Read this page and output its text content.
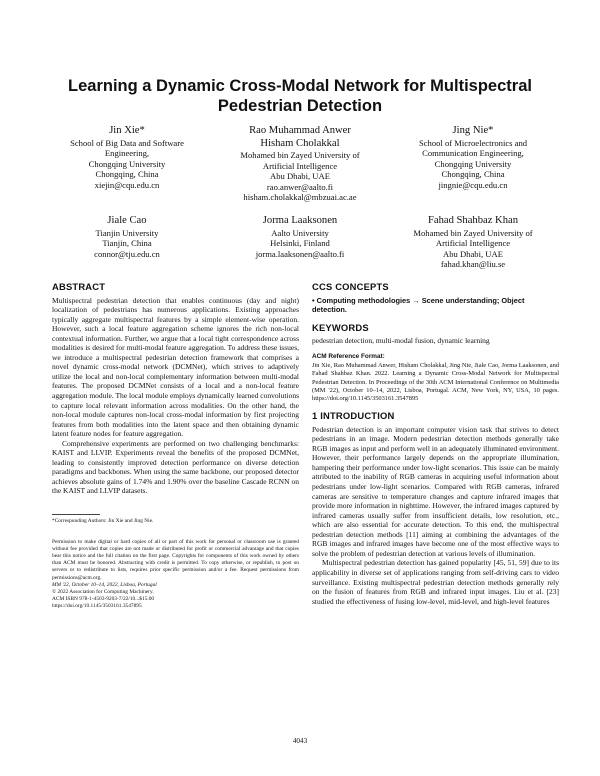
Learning a Dynamic Cross-Modal Network for Multispectral Pedestrian Detection
Jin Xie*
School of Big Data and Software
Engineering,
Chongqing University
Chongqing, China
xiejin@cqu.edu.cn
Rao Muhammad Anwer
Hisham Cholakkal
Mohamed bin Zayed University of
Artificial Intelligence
Abu Dhabi, UAE
rao.anwer@aalto.fi
hisham.cholakkal@mbzuai.ac.ae
Jing Nie*
School of Microelectronics and
Communication Engineering,
Chongqing University
Chongqing, China
jingnie@cqu.edu.cn
Jiale Cao
Tianjin University
Tianjin, China
connor@tju.edu.cn
Jorma Laaksonen
Aalto University
Helsinki, Finland
jorma.laaksonen@aalto.fi
Fahad Shahbaz Khan
Mohamed bin Zayed University of
Artificial Intelligence
Abu Dhabi, UAE
fahad.khan@liu.se
ABSTRACT

Multispectral pedestrian detection that enables continuous (day and night) localization of pedestrians has numerous applications. Existing approaches typically aggregate multispectral features by a simple element-wise operation. However, such a local feature aggregation scheme ignores the rich non-local contextual information. Further, we argue that a local tight correspondence across modalities is desired for multi-modal feature aggregation. To address these issues, we introduce a multispectral pedestrian detection framework that comprises a novel dynamic cross-modal network (DCMNet), which strives to adaptively utilize the local and non-local complementary information between multi-modal features. The proposed DCMNet consists of a local and a non-local feature aggregation module. The local module employs dynamically learned convolutions to capture local relevant information across modalities. On the other hand, the non-local module captures non-local cross-modal information by first projecting features from both modalities into the latent space and then obtaining dynamic latent feature nodes for feature aggregation.

Comprehensive experiments are performed on two challenging benchmarks: KAIST and LLVIP. Experiments reveal the benefits of the proposed DCMNet, leading to consistently improved detection performance on diverse detection paradigms and backbones. When using the same backbone, our proposed detector achieves absolute gains of 1.74% and 1.90% over the baseline Cascade RCNN on the KAIST and LLVIP datasets.

*Corresponding Authors: Jin Xie and Jing Nie.
Permission to make digital or hard copies of all or part of this work for personal or classroom use is granted without fee provided that copies are not made or distributed for profit or commercial advantage and that copies bear this notice and the full citation on the first page. Copyrights for components of this work owned by others than ACM must be honored. Abstracting with credit is permitted. To copy otherwise, or republish, to post on servers or to redistribute to lists, requires prior specific permission and/or a fee. Request permissions from permissions@acm.org.
MM '22, October 10–14, 2022, Lisboa, Portugal
© 2022 Association for Computing Machinery.
ACM ISBN 978-1-4503-9203-7/22/10...$15.00
https://doi.org/10.1145/3503161.3547895
CCS CONCEPTS
• Computing methodologies → Scene understanding; Object detection.
KEYWORDS

pedestrian detection, multi-modal fusion, dynamic learning

ACM Reference Format:
Jin Xie, Rao Muhammad Anwer, Hisham Cholakkal, Jing Nie, Jiale Cao, Jorma Laaksonen, and Fahad Shahbaz Khan. 2022. Learning a Dynamic Cross-Modal Network for Multispectral Pedestrian Detection. In Proceedings of the 30th ACM International Conference on Multimedia (MM '22), October 10–14, 2022, Lisboa, Portugal. ACM, New York, NY, USA, 10 pages. https://doi.org/10.1145/3503161.3547895
1 INTRODUCTION

Pedestrian detection is an important computer vision task that strives to detect pedestrians in an image. Modern pedestrian detection methods generally take RGB images as input and perform well in an adequately illuminated environment. However, their performance largely depends on the appropriate illumination, hampering their performance under low-light scenarios. This issue can be mainly attributed to the inability of RGB cameras in acquiring useful information about pedestrians under low-light scenarios. Compared with RGB cameras, infrared cameras are sensitive to temperature changes and capture infrared images that provide more information in nighttime. However, the infrared images captured by infrared cameras usually suffer from insufficient details, low resolution, etc., which are also essential for accurate detection. To this end, the multispectral pedestrian detection methods [11] aiming at combining the advantages of the RGB images and infrared images have become one of the most effective ways to solve the problem of pedestrian detection at various levels of illumination.

Multispectral pedestrian detection has gained popularity [45, 51, 59] due to its applicability in diverse set of applications ranging from self-driving cars to video surveillance. Existing multispectral pedestrian detection methods generally rely on the fusion of features from RGB and infrared input images. Liu et al. [23] studied the effectiveness of fusing low-level, mid-level, and high-level features

4043
